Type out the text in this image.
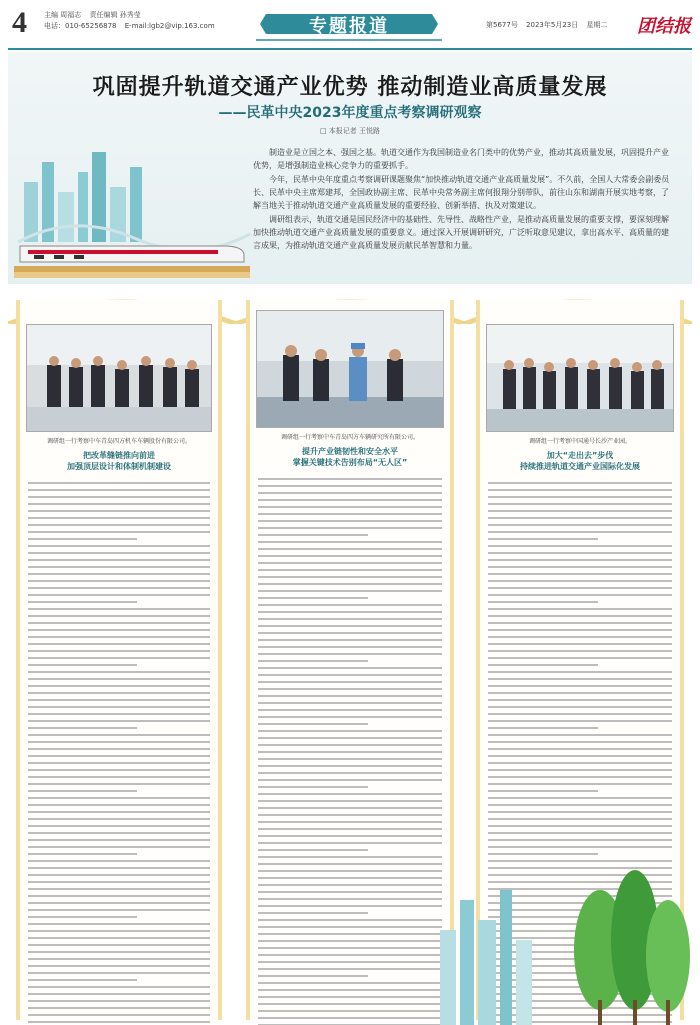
4 主编 周福志 责任编辑 孙秀莹
电话：010-65256878 E-mail:lgb2@vip.163.com	专题报道	第5677号 2023年5月23日 星期二	团结报
巩固提升轨道交通产业优势 推动制造业高质量发展
——民革中央2023年度重点考察调研观察
□ 本报记者 王悦路

制造业是立国之本、强国之基。轨道交通作为我国制造业名门类中的优势产业，推动其高质量发展，巩固提升产业优势，是增强制造业核心竞争力的重要抓手。

今年，民革中央年度重点考察调研课题聚焦“加快推动轨道交通产业高质量发展”。不久前，全国人大常委会副委员长、民革中央主席郑建邦，全国政协副主席、民革中央常务副主席何报翔分别带队，前往山东和湖南开展实地考察，了解当地关于推动轨道交通产业高质量发展的重要经验、创新举措、执及对策建议。

调研组表示，轨道交通是国民经济中的基础性、先导性、战略性产业，是推动高质量发展的重要支撑，要深刻理解加快推动轨道交通产业高质量发展的重要意义。通过深入开展调研研究，广泛听取意见建议，拿出高水平、高质量的建言成果，为推动轨道交通产业高质量发展贡献民革智慧和力量。

调研组一行考察中车青岛四方机车车辆股份有限公司。
把改革缝链推向前进
加强顶层设计和体制机制建设
调研组一行考察中车青岛四方车辆研究所有限公司。
提升产业链韧性和安全水平
掌握关键技术告别布局“无人区”
调研组一行考察中国通号长沙产业园。
加大“走出去”步伐
持续推进轨道交通产业国际化发展
